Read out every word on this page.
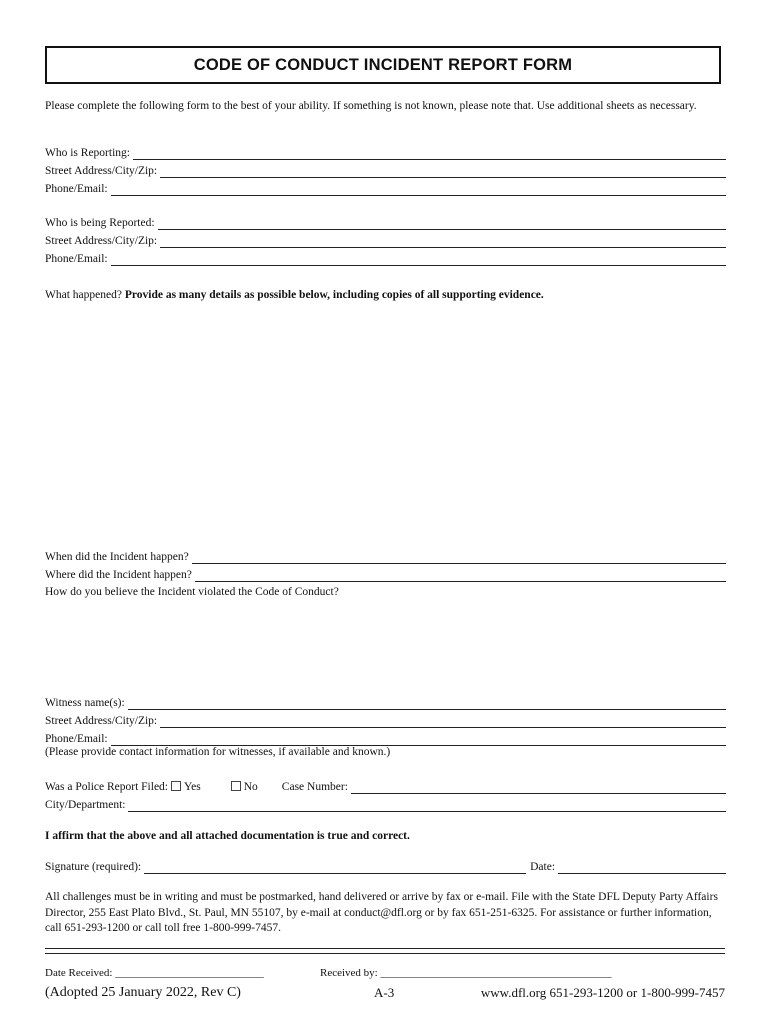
CODE OF CONDUCT INCIDENT REPORT FORM
Please complete the following form to the best of your ability. If something is not known, please note that. Use additional sheets as necessary.
Who is Reporting:
Street Address/City/Zip:
Phone/Email:
Who is being Reported:
Street Address/City/Zip:
Phone/Email:
What happened? Provide as many details as possible below, including copies of all supporting evidence.
When did the Incident happen?
Where did the Incident happen?
How do you believe the Incident violated the Code of Conduct?
Witness name(s):
Street Address/City/Zip:
Phone/Email:
(Please provide contact information for witnesses, if available and known.)
Was a Police Report Filed:	Yes	No Case Number:
City/Department:
I affirm that the above and all attached documentation is true and correct.
Signature (required):	Date:
All challenges must be in writing and must be postmarked, hand delivered or arrive by fax or e-mail. File with the State DFL Deputy Party Affairs Director, 255 East Plato Blvd., St. Paul, MN 55107, by e-mail at conduct@dfl.org or by fax 651-251-6325. For assistance or further information, call 651-293-1200 or call toll free 1-800-999-7457.
Date Received: ___________________________	Received by: __________________________________________
(Adopted 25 January 2022, Rev C)	A-3	www.dfl.org 651-293-1200 or 1-800-999-7457
